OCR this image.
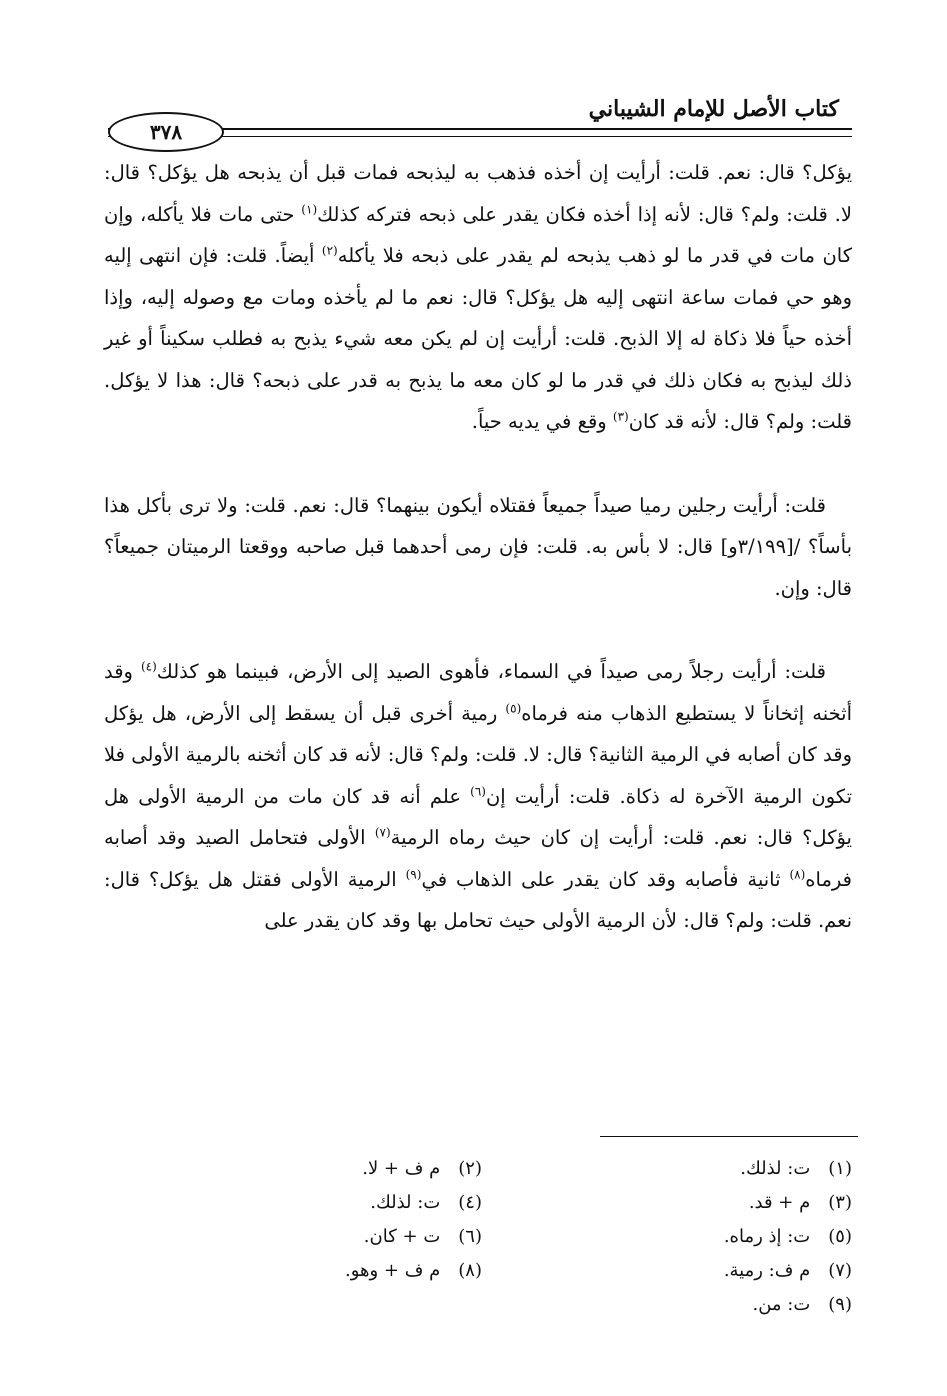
كتاب الأصل للإمام الشيباني
٣٧٨

يؤكل؟ قال: نعم. قلت: أرأيت إن أخذه فذهب به ليذبحه فمات قبل أن يذبحه هل يؤكل؟ قال: لا. قلت: ولم؟ قال: لأنه إذا أخذه فكان يقدر على ذبحه فتركه كذلك$^{(١)}$ حتى مات فلا يأكله، وإن كان مات في قدر ما لو ذهب يذبحه لم يقدر على ذبحه فلا يأكله$^{(٢)}$ أيضاً. قلت: فإن انتهى إليه وهو حي فمات ساعة انتهى إليه هل يؤكل؟ قال: نعم ما لم يأخذه ومات مع وصوله إليه، وإذا أخذه حياً فلا ذكاة له إلا الذبح. قلت: أرأيت إن لم يكن معه شيء يذبح به فطلب سكيناً أو غير ذلك ليذبح به فكان ذلك في قدر ما لو كان معه ما يذبح به قدر على ذبحه؟ قال: هذا لا يؤكل. قلت: ولم؟ قال: لأنه قد كان$^{(٣)}$ وقع في يديه حياً.

قلت: أرأيت رجلين رميا صيداً جميعاً فقتلاه أيكون بينهما؟ قال: نعم. قلت: ولا ترى بأكل هذا بأساً؟ /[٣/١٩٩و] قال: لا بأس به. قلت: فإن رمى أحدهما قبل صاحبه ووقعتا الرميتان جميعاً؟ قال: وإن.

قلت: أرأيت رجلاً رمى صيداً في السماء، فأهوى الصيد إلى الأرض، فبينما هو كذلك$^{(٤)}$ وقد أثخنه إثخاناً لا يستطيع الذهاب منه فرماه$^{(٥)}$ رمية أخرى قبل أن يسقط إلى الأرض، هل يؤكل وقد كان أصابه في الرمية الثانية؟ قال: لا. قلت: ولم؟ قال: لأنه قد كان أثخنه بالرمية الأولى فلا تكون الرمية الآخرة له ذكاة. قلت: أرأيت إن$^{(٦)}$ علم أنه قد كان مات من الرمية الأولى هل يؤكل؟ قال: نعم. قلت: أرأيت إن كان حيث رماه الرمية$^{(٧)}$ الأولى فتحامل الصيد وقد أصابه فرماه$^{(٨)}$ ثانية فأصابه وقد كان يقدر على الذهاب في$^{(٩)}$ الرمية الأولى فقتل هل يؤكل؟ قال: نعم. قلت: ولم؟ قال: لأن الرمية الأولى حيث تحامل بها وقد كان يقدر على

(١) ت: لذلك.
(٢) م ف + لا.
(٣) م + قد.
(٤) ت: لذلك.
(٥) ت: إذ رماه.
(٦) ت + كان.
(٧) م ف: رمية.
(٨) م ف + وهو.
(٩) ت: من.
